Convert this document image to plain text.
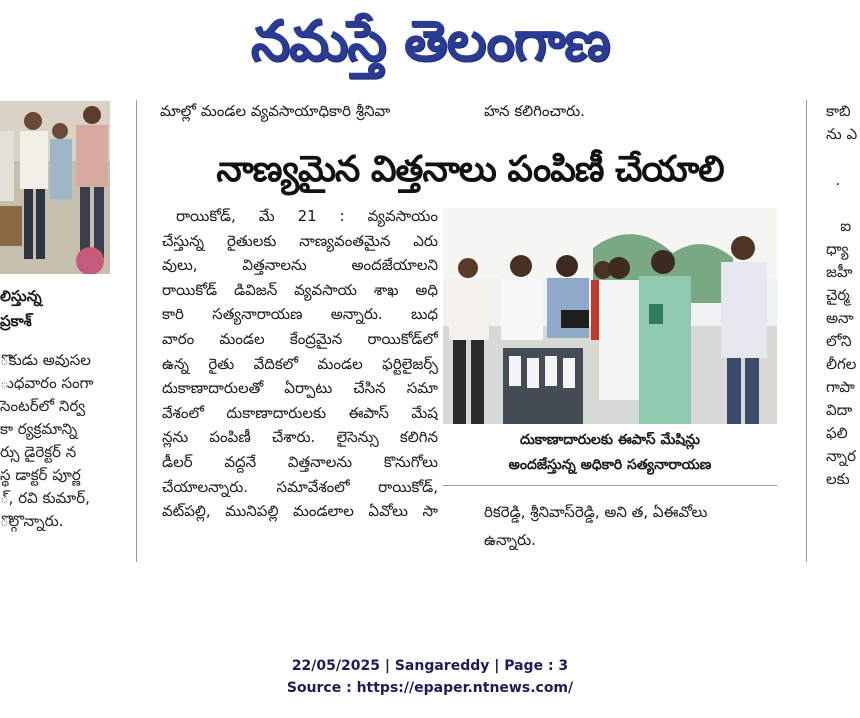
నమస్తే తెలంగాణ
లిస్తున్న
ప్రకాశ్
ొకుడు అవుసల
ుధవారం సంగా
సెంటర్‌లో నిర్వ
కా ర్యక్రమాన్ని
ర్సు డైరెక్టర్ న
స్థ డాక్టర్ పూర్ణ
్, రవి కుమార్,
ొల్గొన్నారు.
మాల్లో మండల వ్యవసాయాధికారి శ్రీనివా	హన కలిగించారు.
నాణ్యమైన విత్తనాలు పంపిణీ చేయాలి
రాయికోడ్, మే 21 : వ్యవసాయం
చేస్తున్న రైతులకు నాణ్యవంతమైన ఎరు
వులు, విత్తనాలను అందజేయాలని
రాయికోడ్ డివిజన్ వ్యవసాయ శాఖ అధి
కారి సత్యనారాయణ అన్నారు. బుధ
వారం మండల కేంద్రమైన రాయికోడ్‌లో
ఉన్న రైతు వేదికలో మండల ఫర్టిలైజర్స్
దుకాణాదారులతో ఏర్పాటు చేసిన సమా
వేశంలో దుకాణాదారులకు ఈపాస్ మేష
న్లను పంపిణీ చేశారు. లైసెన్సు కలిగిన
డీలర్ వద్దనే విత్తనాలను కొనుగోలు
చేయాలన్నారు. సమావేశంలో రాయికోడ్,
వట్‌పల్లి, మునిపల్లి మండలాల ఏవోలు సా
దుకాణాదారులకు ఈపాస్ మేషిన్లు
అందజేస్తున్న అధికారి సత్యనారాయణ
రికరెడ్డి, శ్రీనివాస్‌రెడ్డి, అని త, ఏఈవోలు
ఉన్నారు.
కాబి
ను ఎ

.

ఐ
ధ్యా
జహీ
చైర్మ
అనా
లోని
లీగల
గాపా
విదా
ఫలి
న్నార
లకు
22/05/2025 | Sangareddy | Page : 3
Source : https://epaper.ntnews.com/
